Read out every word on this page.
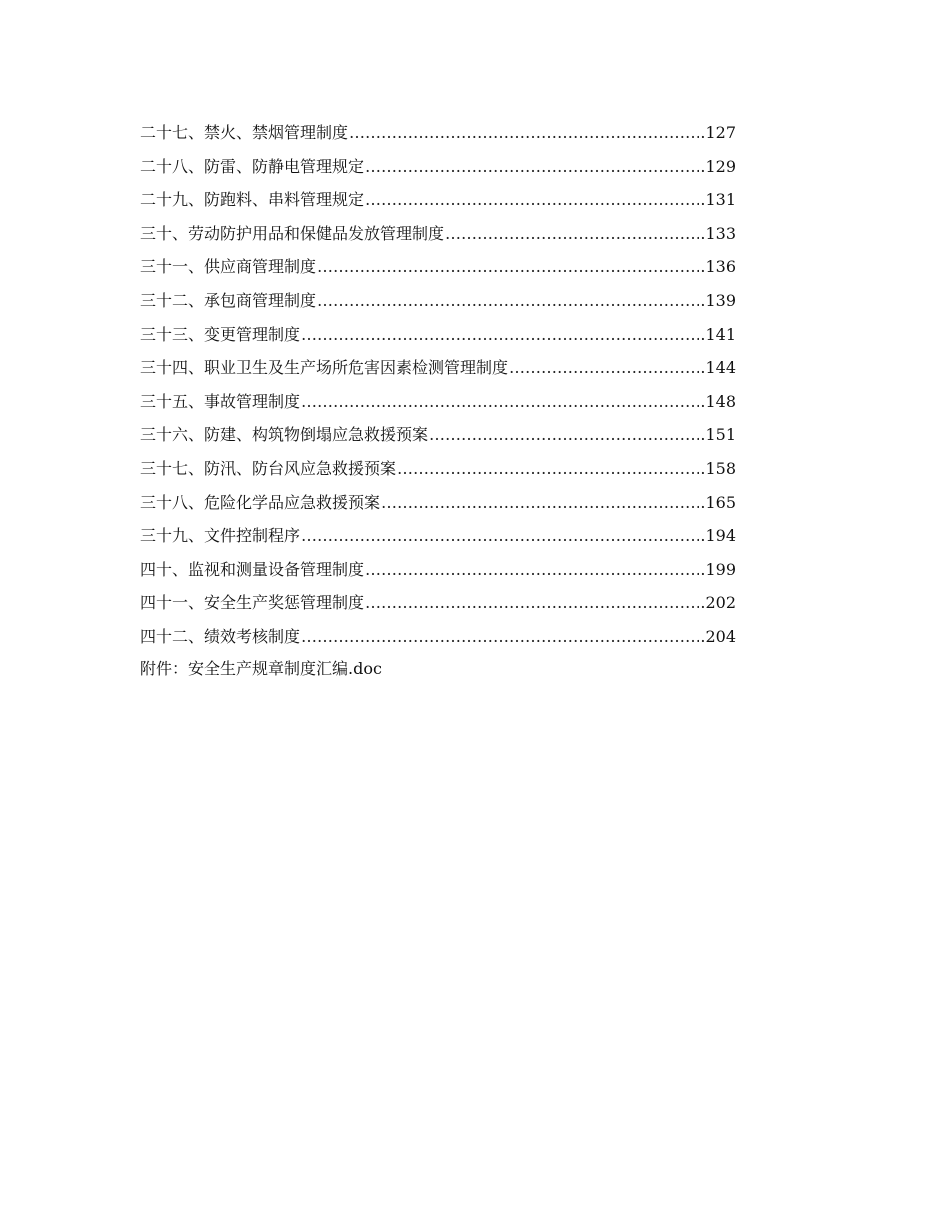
二十七、禁火、禁烟管理制度 ……………………………………………………………………………………………………………………………………………………	.127
二十八、防雷、防静电管理规定 ……………………………………………………………………………………………………………………………………………………	.129
二十九、防跑料、串料管理规定 ……………………………………………………………………………………………………………………………………………………	.131
三十、劳动防护用品和保健品发放管理制度 ……………………………………………………………………………………………………………………………………………………	.133
三十一、供应商管理制度 ……………………………………………………………………………………………………………………………………………………	.136
三十二、承包商管理制度 ……………………………………………………………………………………………………………………………………………………	.139
三十三、变更管理制度 ……………………………………………………………………………………………………………………………………………………	.141
三十四、职业卫生及生产场所危害因素检测管理制度 ……………………………………………………………………………………………………………………………………………………	.144
三十五、事故管理制度 ……………………………………………………………………………………………………………………………………………………	.148
三十六、防建、构筑物倒塌应急救援预案 ……………………………………………………………………………………………………………………………………………………	.151
三十七、防汛、防台风应急救援预案 ……………………………………………………………………………………………………………………………………………………	.158
三十八、危险化学品应急救援预案 ……………………………………………………………………………………………………………………………………………………	.165
三十九、文件控制程序 ……………………………………………………………………………………………………………………………………………………	.194
四十、监视和测量设备管理制度 ……………………………………………………………………………………………………………………………………………………	.199
四十一、安全生产奖惩管理制度 ……………………………………………………………………………………………………………………………………………………	.202
四十二、绩效考核制度 ……………………………………………………………………………………………………………………………………………………	.204
附件：安全生产规章制度汇编.doc
